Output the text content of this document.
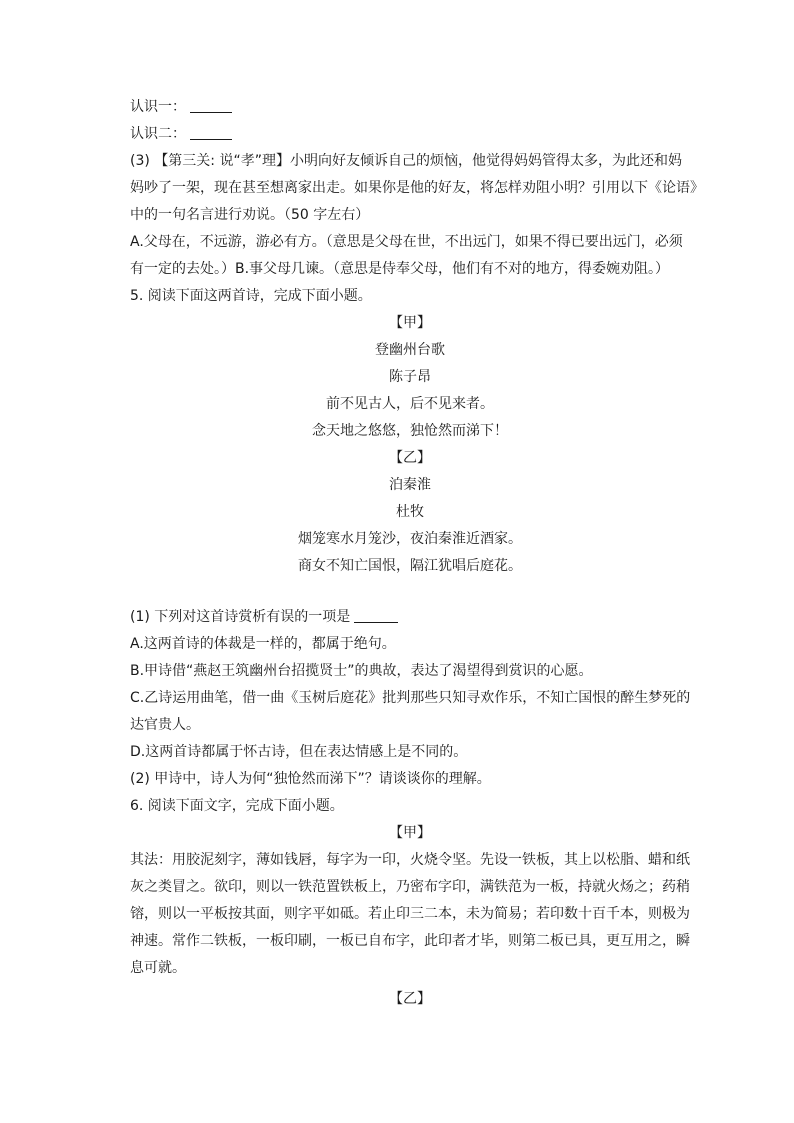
认识一：
认识二：
(3) 【第三关: 说“孝”理】小明向好友倾诉自己的烦恼，他觉得妈妈管得太多，为此还和妈
妈吵了一架，现在甚至想离家出走。如果你是他的好友，将怎样劝阻小明？引用以下《论语》
中的一句名言进行劝说。（50 字左右）
A.父母在，不远游，游必有方。（意思是父母在世，不出远门，如果不得已要出远门，必须
有一定的去处。）B.事父母几谏。（意思是侍奉父母，他们有不对的地方，得委婉劝阻。）
5. 阅读下面这两首诗，完成下面小题。
【甲】
登幽州台歌
陈子昂
前不见古人，后不见来者。
念天地之悠悠，独怆然而涕下！
【乙】
泊秦淮
杜牧
烟笼寒水月笼沙，夜泊秦淮近酒家。
商女不知亡国恨，隔江犹唱后庭花。
(1) 下列对这首诗赏析有误的一项是
A.这两首诗的体裁是一样的，都属于绝句。
B.甲诗借“燕赵王筑幽州台招揽贤士”的典故，表达了渴望得到赏识的心愿。
C.乙诗运用曲笔，借一曲《玉树后庭花》批判那些只知寻欢作乐，不知亡国恨的醉生梦死的
达官贵人。
D.这两首诗都属于怀古诗，但在表达情感上是不同的。
(2) 甲诗中，诗人为何“独怆然而涕下”？请谈谈你的理解。
6. 阅读下面文字，完成下面小题。
【甲】
其法：用胶泥刻字，薄如钱唇，每字为一印，火烧令坚。先设一铁板，其上以松脂、蜡和纸
灰之类冒之。欲印，则以一铁范置铁板上，乃密布字印，满铁范为一板，持就火炀之；药稍
镕，则以一平板按其面，则字平如砥。若止印三二本，未为简易；若印数十百千本，则极为
神速。常作二铁板，一板印刷，一板已自布字，此印者才毕，则第二板已具，更互用之，瞬
息可就。
【乙】
